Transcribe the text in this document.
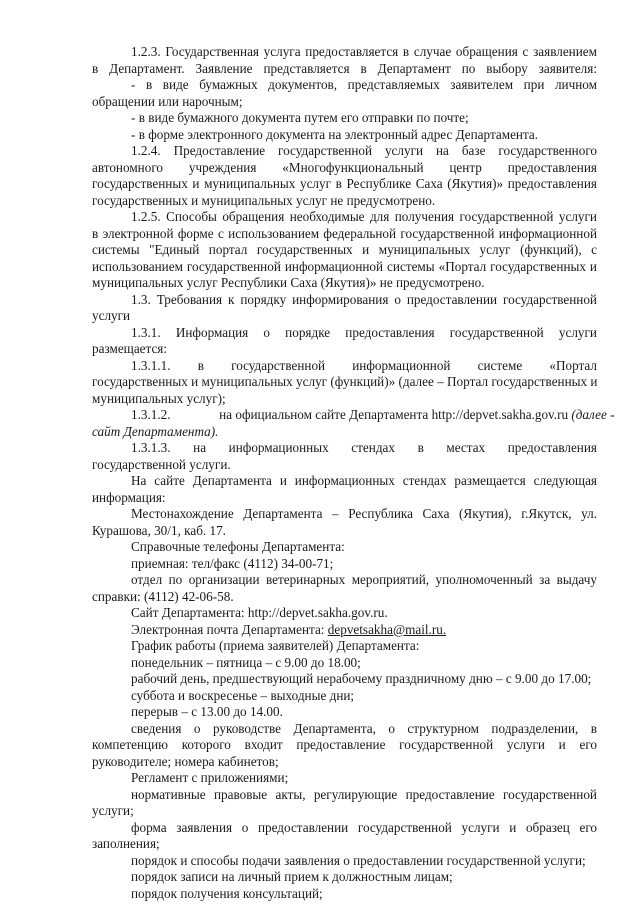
1.2.3. Государственная услуга предоставляется в случае обращения с заявлением
в Департамент. Заявление представляется в Департамент по выбору заявителя:
- в виде бумажных документов, представляемых заявителем при личном
обращении или нарочным;
- в виде бумажного документа путем его отправки по почте;
- в форме электронного документа на электронный адрес Департамента.
1.2.4. Предоставление государственной услуги на базе государственного
автономного учреждения «Многофункциональный центр предоставления
государственных и муниципальных услуг в Республике Саха (Якутия)» предоставления
государственных и муниципальных услуг не предусмотрено.
1.2.5. Способы обращения необходимые для получения государственной услуги
в электронной форме с использованием федеральной государственной информационной
системы "Единый портал государственных и муниципальных услуг (функций), с
использованием государственной информационной системы «Портал государственных и
муниципальных услуг Республики Саха (Якутия)» не предусмотрено.
1.3. Требования к порядку информирования о предоставлении государственной
услуги
1.3.1. Информация о порядке предоставления государственной услуги
размещается:
1.3.1.1. в государственной информационной системе «Портал
государственных и муниципальных услуг (функций)» (далее – Портал государственных и
муниципальных услуг);
1.3.1.2.	на официальном сайте Департамента http://depvet.sakha.gov.ru (далее -
сайт Департамента).
1.3.1.3. на информационных стендах в местах предоставления
государственной услуги.
На сайте Департамента и информационных стендах размещается следующая
информация:
Местонахождение Департамента – Республика Саха (Якутия), г.Якутск, ул.
Курашова, 30/1, каб. 17.
Справочные телефоны Департамента:
приемная: тел/факс (4112) 34-00-71;
отдел по организации ветеринарных мероприятий, уполномоченный за выдачу
справки: (4112) 42-06-58.
Сайт Департамента: http://depvet.sakha.gov.ru.
Электронная почта Департамента: depvetsakha@mail.ru.
График работы (приема заявителей) Департамента:
понедельник – пятница – с 9.00 до 18.00;
рабочий день, предшествующий нерабочему праздничному дню – с 9.00 до 17.00;
суббота и воскресенье – выходные дни;
перерыв – с 13.00 до 14.00.
сведения о руководстве Департамента, о структурном подразделении, в
компетенцию которого входит предоставление государственной услуги и его
руководителе; номера кабинетов;
Регламент с приложениями;
нормативные правовые акты, регулирующие предоставление государственной
услуги;
форма заявления о предоставлении государственной услуги и образец его
заполнения;
порядок и способы подачи заявления о предоставлении государственной услуги;
порядок записи на личный прием к должностным лицам;
порядок получения консультаций;
